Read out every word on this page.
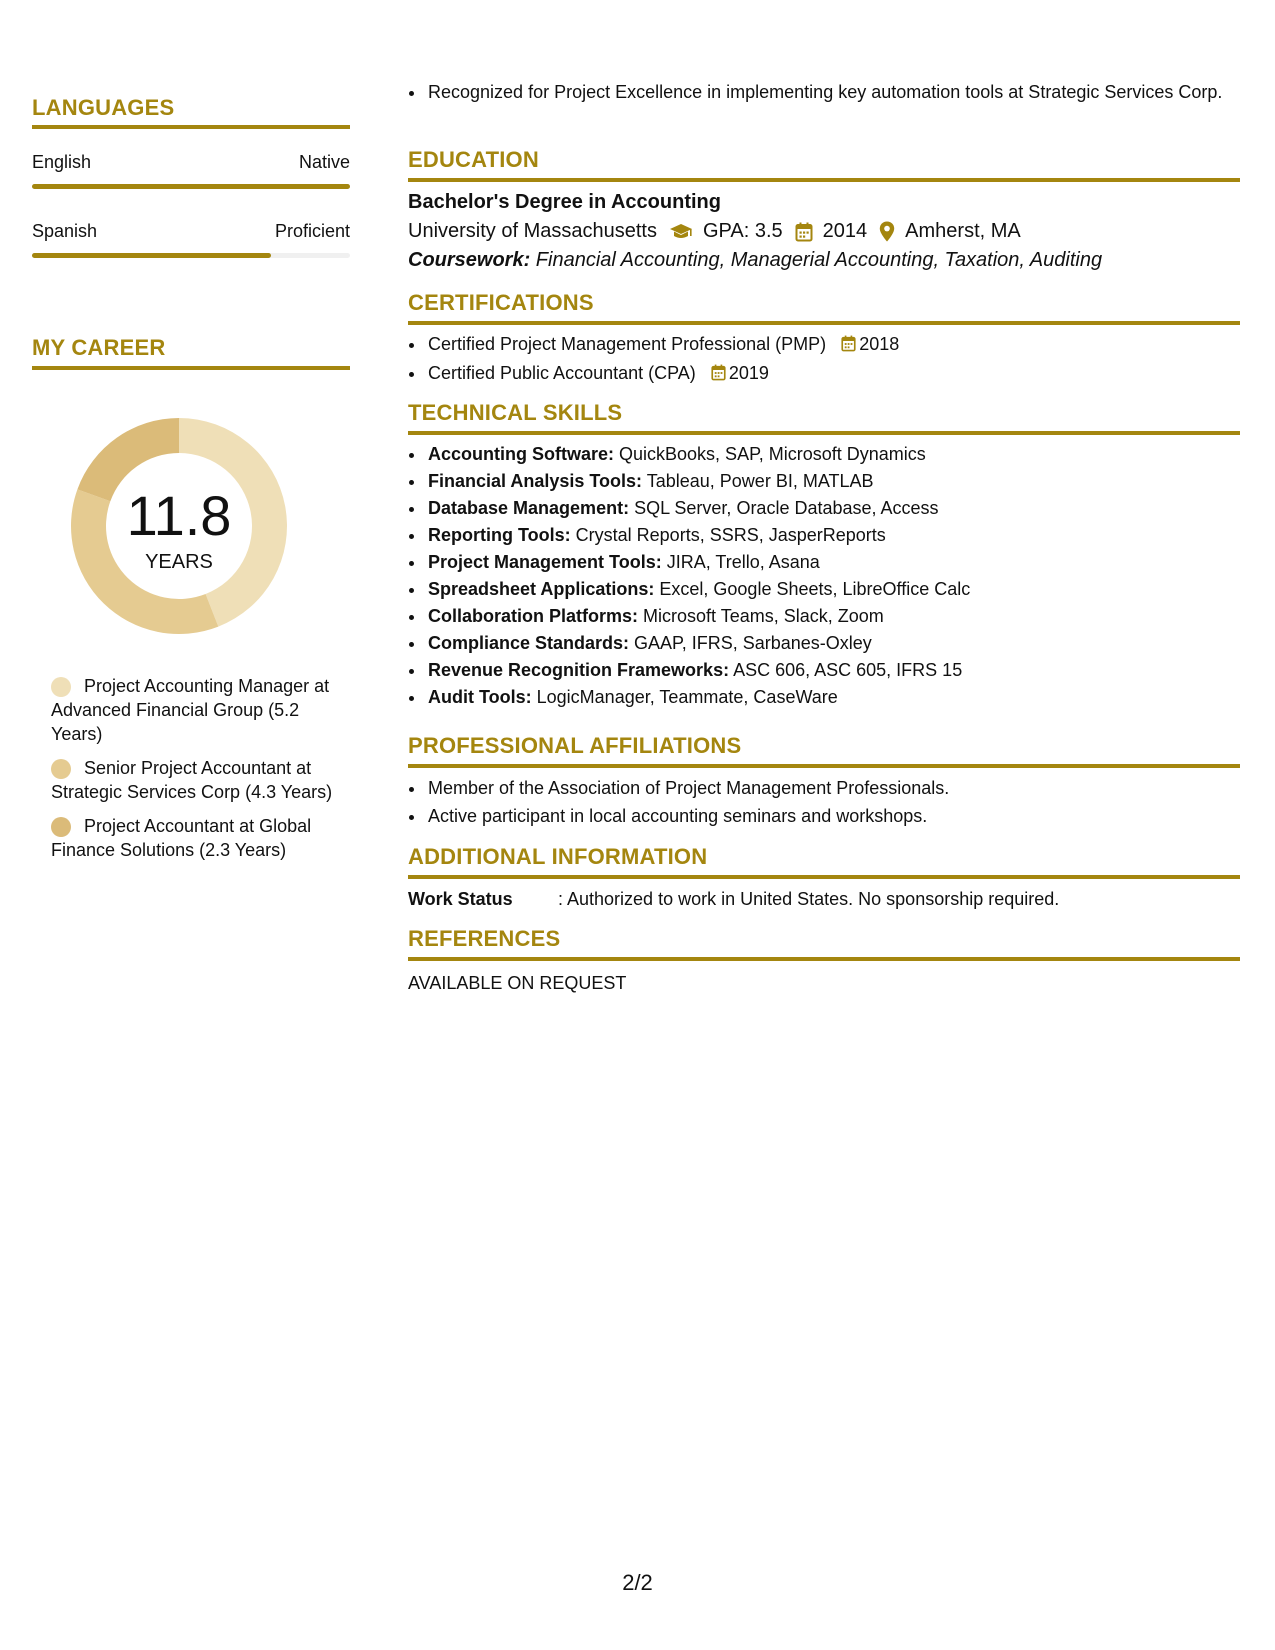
LANGUAGES
English	Native
Spanish	Proficient
MY CAREER
11.8
YEARS
Project Accounting Manager at Advanced Financial Group (5.2 Years)
Senior Project Accountant at Strategic Services Corp (4.3 Years)
Project Accountant at Global Finance Solutions (2.3 Years)
• Recognized for Project Excellence in implementing key automation tools at Strategic Services Corp.
EDUCATION
Bachelor's Degree in Accounting
University of Massachusetts GPA: 3.5 2014 Amherst, MA
Coursework: Financial Accounting, Managerial Accounting, Taxation, Auditing
CERTIFICATIONS
• Certified Project Management Professional (PMP) 2018
• Certified Public Accountant (CPA) 2019
TECHNICAL SKILLS
• Accounting Software: QuickBooks, SAP, Microsoft Dynamics
• Financial Analysis Tools: Tableau, Power BI, MATLAB
• Database Management: SQL Server, Oracle Database, Access
• Reporting Tools: Crystal Reports, SSRS, JasperReports
• Project Management Tools: JIRA, Trello, Asana
• Spreadsheet Applications: Excel, Google Sheets, LibreOffice Calc
• Collaboration Platforms: Microsoft Teams, Slack, Zoom
• Compliance Standards: GAAP, IFRS, Sarbanes-Oxley
• Revenue Recognition Frameworks: ASC 606, ASC 605, IFRS 15
• Audit Tools: LogicManager, Teammate, CaseWare
PROFESSIONAL AFFILIATIONS
• Member of the Association of Project Management Professionals.
• Active participant in local accounting seminars and workshops.
ADDITIONAL INFORMATION
Work Status	: Authorized to work in United States. No sponsorship required.
REFERENCES
AVAILABLE ON REQUEST
2/2
